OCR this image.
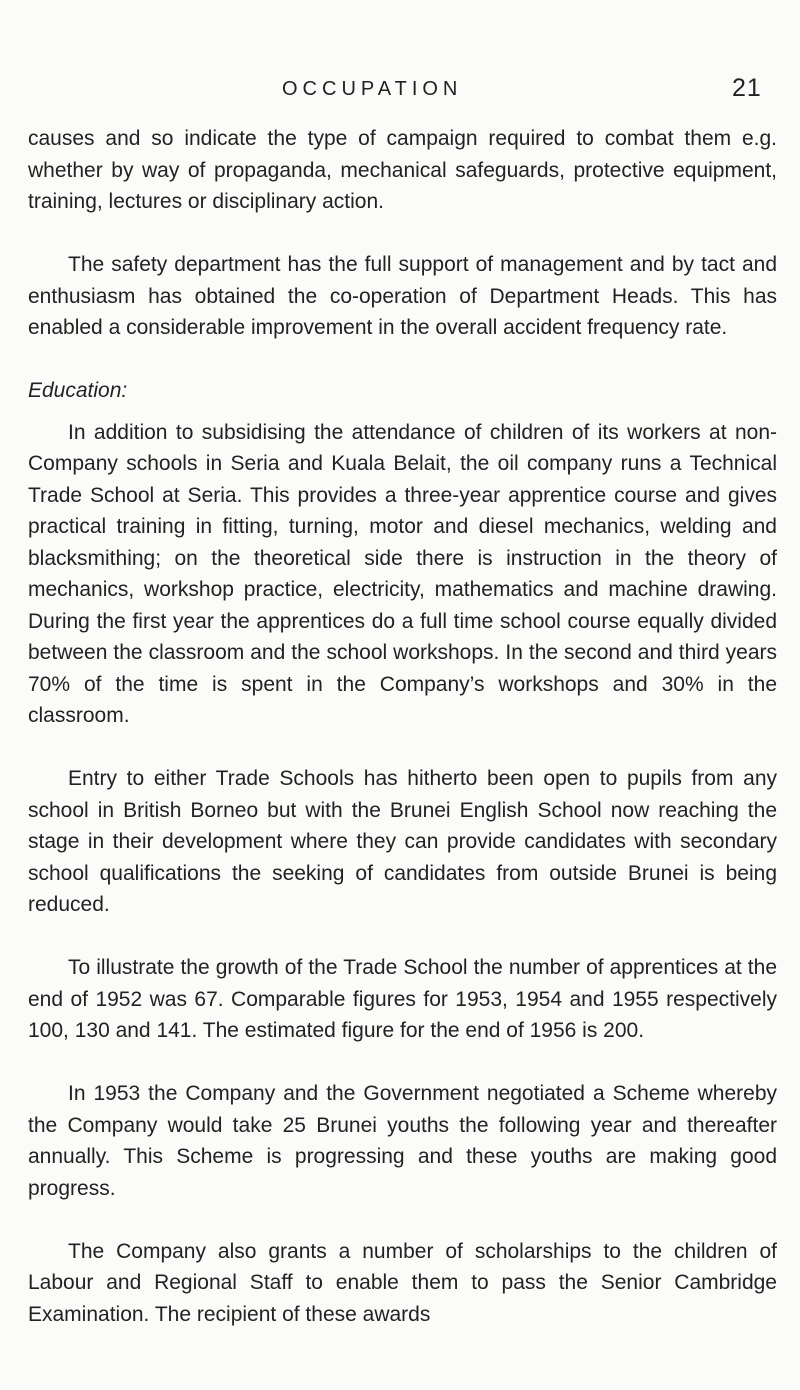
OCCUPATION	21

causes and so indicate the type of campaign required to combat them e.g. whether by way of propaganda, mechanical safeguards, protective equipment, training, lectures or disciplinary action.

The safety department has the full support of management and by tact and enthusiasm has obtained the co-operation of Department Heads. This has enabled a considerable improvement in the overall accident frequency rate.

Education:

In addition to subsidising the attendance of children of its workers at non-Company schools in Seria and Kuala Belait, the oil company runs a Technical Trade School at Seria. This provides a three-year apprentice course and gives practical training in fitting, turning, motor and diesel mechanics, welding and blacksmithing; on the theoretical side there is instruction in the theory of mechanics, workshop practice, electricity, mathematics and machine drawing. During the first year the apprentices do a full time school course equally divided between the classroom and the school workshops. In the second and third years 70% of the time is spent in the Company’s workshops and 30% in the classroom.

Entry to either Trade Schools has hitherto been open to pupils from any school in British Borneo but with the Brunei English School now reaching the stage in their development where they can provide candidates with secondary school qualifications the seeking of candidates from outside Brunei is being reduced.

To illustrate the growth of the Trade School the number of apprentices at the end of 1952 was 67. Comparable figures for 1953, 1954 and 1955 respectively 100, 130 and 141. The estimated figure for the end of 1956 is 200.

In 1953 the Company and the Government negotiated a Scheme whereby the Company would take 25 Brunei youths the following year and thereafter annually. This Scheme is progressing and these youths are making good progress.

The Company also grants a number of scholarships to the children of Labour and Regional Staff to enable them to pass the Senior Cambridge Examination. The recipient of these awards
